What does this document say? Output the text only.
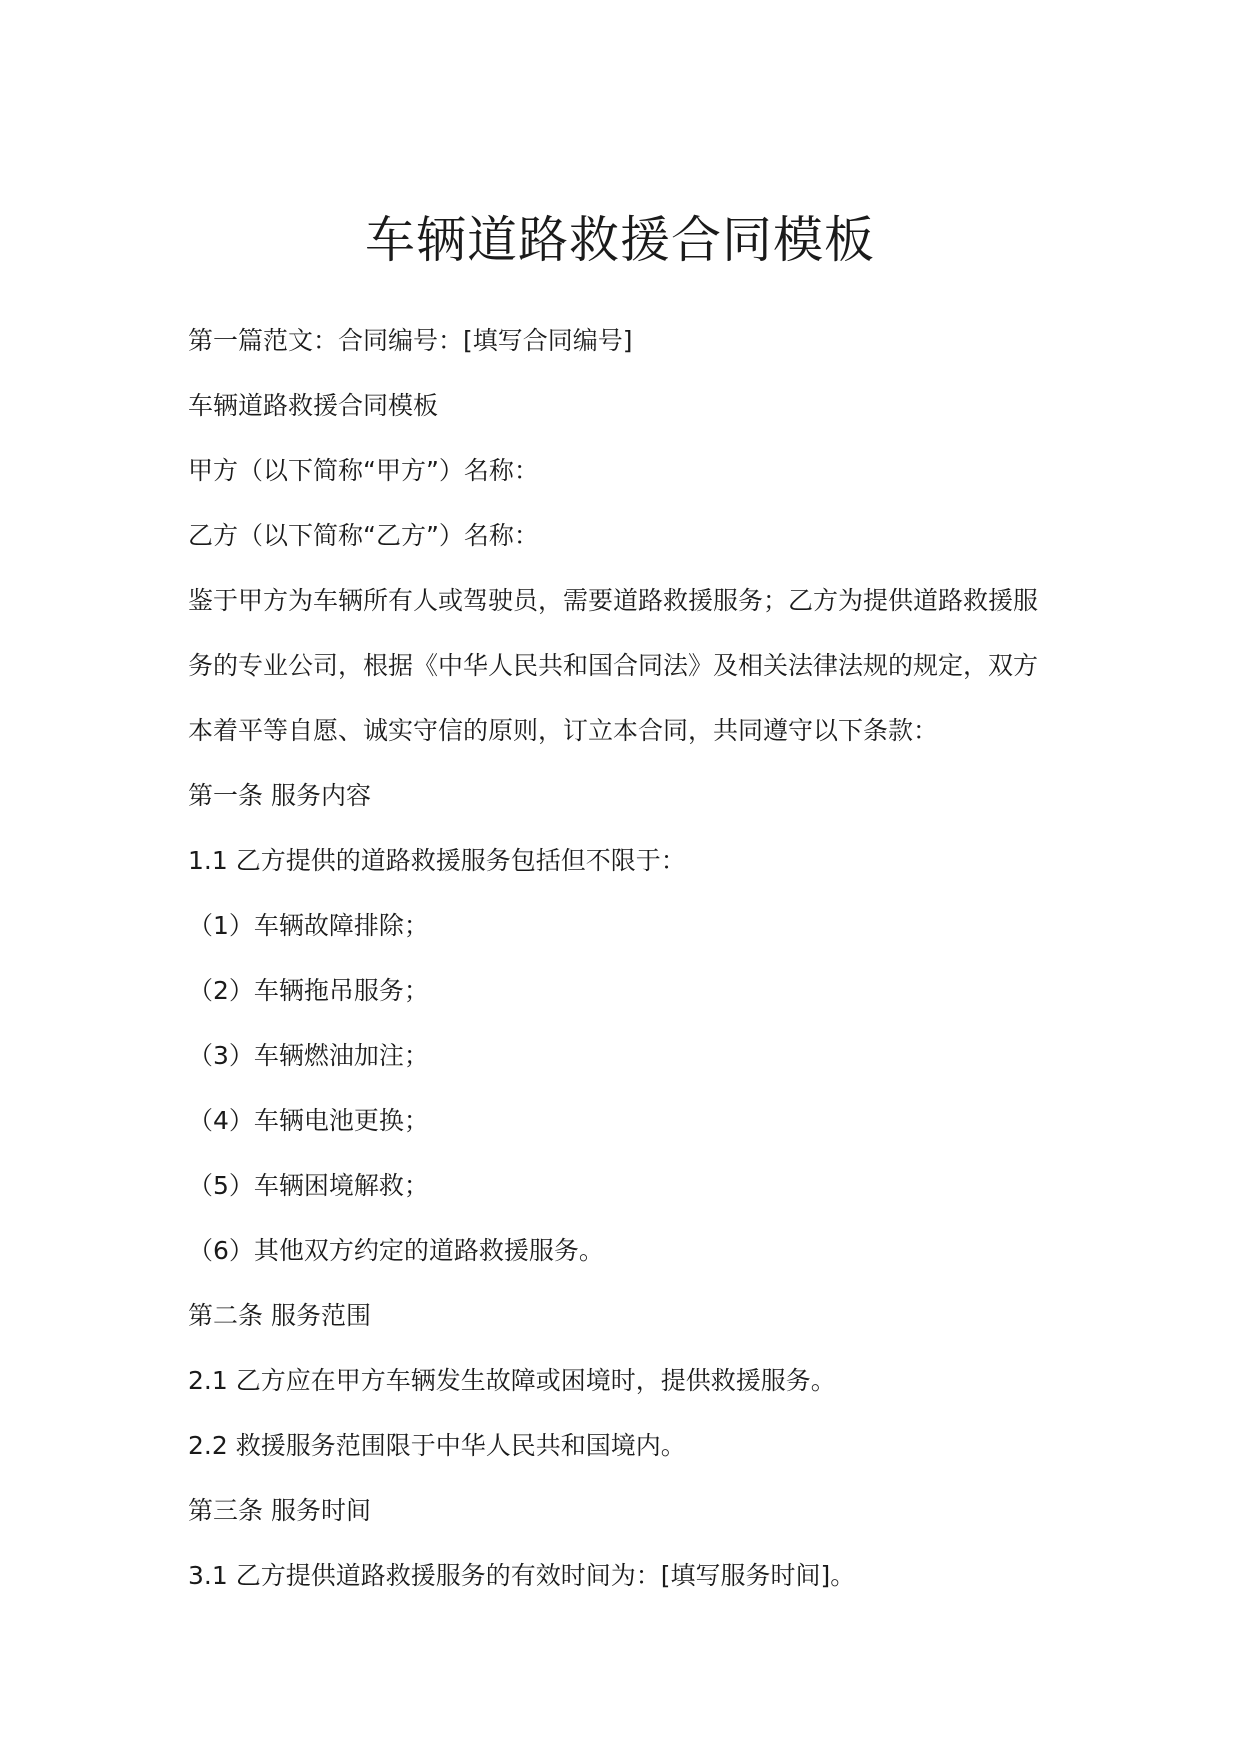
车辆道路救援合同模板

第一篇范文：合同编号：[填写合同编号]

车辆道路救援合同模板

甲方（以下简称“甲方”）名称：

乙方（以下简称“乙方”）名称：

鉴于甲方为车辆所有人或驾驶员，需要道路救援服务；乙方为提供道路救援服

务的专业公司，根据《中华人民共和国合同法》及相关法律法规的规定，双方

本着平等自愿、诚实守信的原则，订立本合同，共同遵守以下条款：

第一条 服务内容

1.1 乙方提供的道路救援服务包括但不限于：

（1）车辆故障排除；

（2）车辆拖吊服务；

（3）车辆燃油加注；

（4）车辆电池更换；

（5）车辆困境解救；

（6）其他双方约定的道路救援服务。

第二条 服务范围

2.1 乙方应在甲方车辆发生故障或困境时，提供救援服务。

2.2 救援服务范围限于中华人民共和国境内。

第三条 服务时间

3.1 乙方提供道路救援服务的有效时间为：[填写服务时间]。
